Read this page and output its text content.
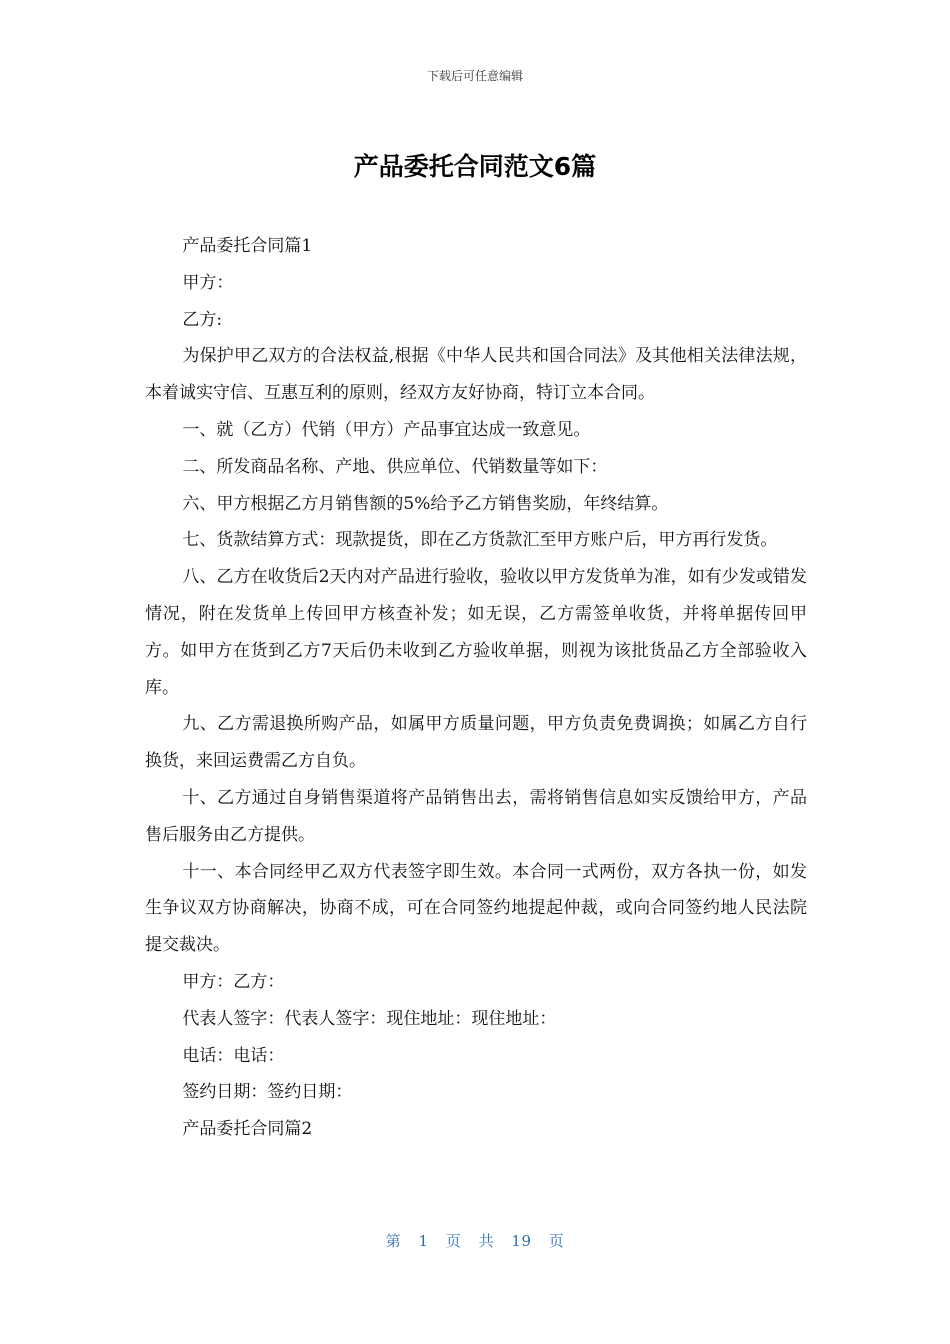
下载后可任意编辑
产品委托合同范文6篇

产品委托合同篇1

甲方：

乙方:

为保护甲乙双方的合法权益,根据《中华人民共和国合同法》及其他相关法律法规，本着诚实守信、互惠互利的原则，经双方友好协商，特订立本合同。

一、就（乙方）代销（甲方）产品事宜达成一致意见。

二、所发商品名称、产地、供应单位、代销数量等如下：

六、甲方根据乙方月销售额的5%给予乙方销售奖励，年终结算。

七、货款结算方式：现款提货，即在乙方货款汇至甲方账户后，甲方再行发货。

八、乙方在收货后2天内对产品进行验收，验收以甲方发货单为准，如有少发或错发情况，附在发货单上传回甲方核查补发；如无误，乙方需签单收货，并将单据传回甲方。如甲方在货到乙方7天后仍未收到乙方验收单据，则视为该批货品乙方全部验收入库。

九、乙方需退换所购产品，如属甲方质量问题，甲方负责免费调换；如属乙方自行换货，来回运费需乙方自负。

十、乙方通过自身销售渠道将产品销售出去，需将销售信息如实反馈给甲方，产品售后服务由乙方提供。

十一、本合同经甲乙双方代表签字即生效。本合同一式两份，双方各执一份，如发生争议双方协商解决，协商不成，可在合同签约地提起仲裁，或向合同签约地人民法院提交裁决。

甲方：乙方：

代表人签字：代表人签字：现住地址：现住地址：

电话：电话：

签约日期：签约日期：

产品委托合同篇2

第 1 页 共 19 页
